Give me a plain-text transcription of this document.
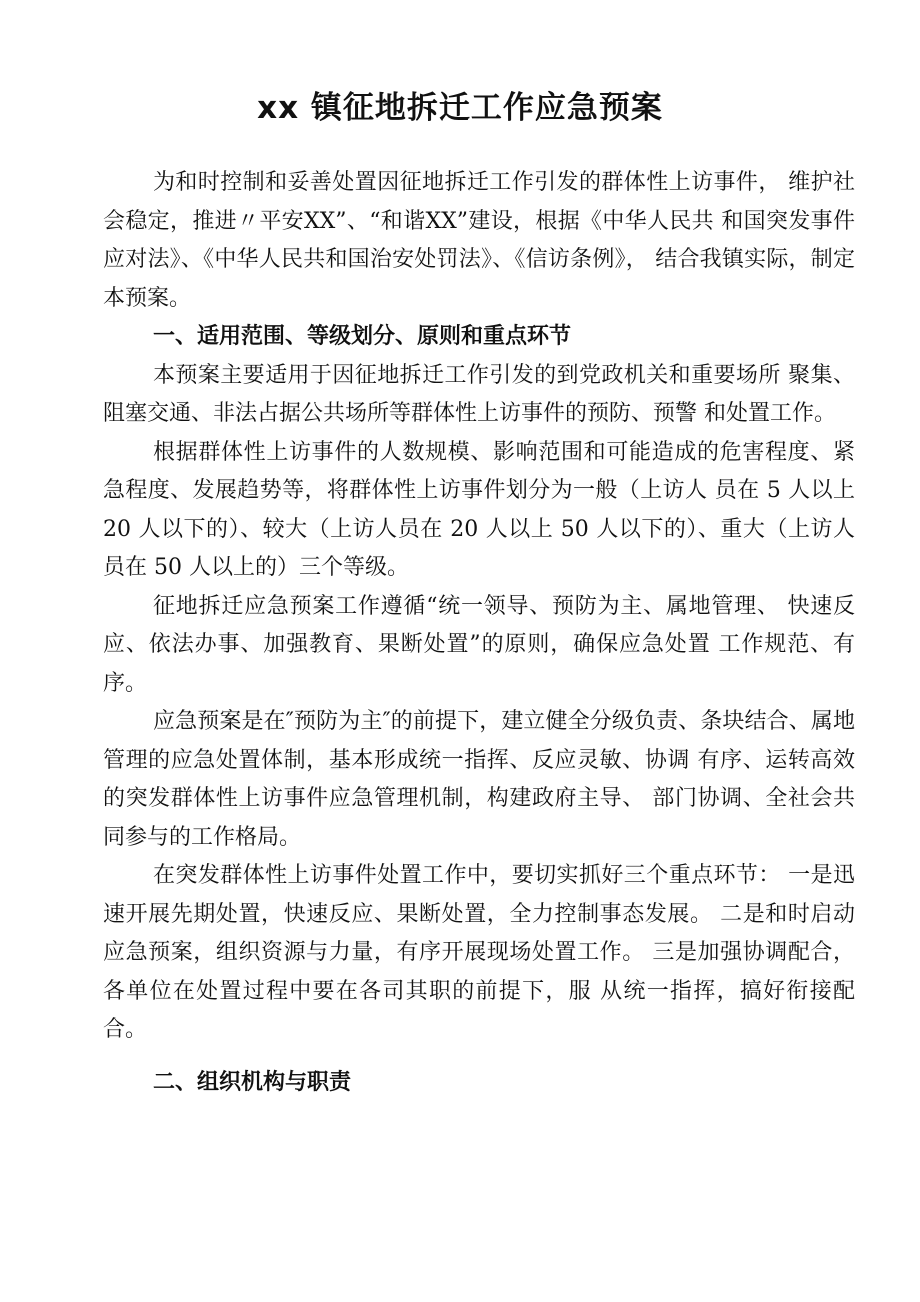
xx 镇征地拆迁工作应急预案

为和时控制和妥善处置因征地拆迁工作引发的群体性上访事件， 维护社会稳定，推进〃平安XX”、“和谐XX”建设，根据《中华人民共 和国突发事件应对法》、《中华人民共和国治安处罚法》、《信访条例》， 结合我镇实际，制定本预案。

一、适用范围、等级划分、原则和重点环节

本预案主要适用于因征地拆迁工作引发的到党政机关和重要场所 聚集、阻塞交通、非法占据公共场所等群体性上访事件的预防、预警 和处置工作。

根据群体性上访事件的人数规模、影响范围和可能造成的危害程度、紧急程度、发展趋势等，将群体性上访事件划分为一般（上访人 员在 5 人以上 20 人以下的）、较大（上访人员在 20 人以上 50 人以下的）、重大（上访人员在 50 人以上的）三个等级。

征地拆迁应急预案工作遵循“统一领导、预防为主、属地管理、 快速反应、依法办事、加强教育、果断处置”的原则，确保应急处置 工作规范、有序。

应急预案是在″预防为主″的前提下，建立健全分级负责、条块结合、属地管理的应急处置体制，基本形成统一指挥、反应灵敏、协调 有序、运转高效的突发群体性上访事件应急管理机制，构建政府主导、 部门协调、全社会共同参与的工作格局。

在突发群体性上访事件处置工作中，要切实抓好三个重点环节： 一是迅速开展先期处置，快速反应、果断处置，全力控制事态发展。 二是和时启动应急预案，组织资源与力量，有序开展现场处置工作。 三是加强协调配合，各单位在处置过程中要在各司其职的前提下，服 从统一指挥，搞好衔接配合。

二、组织机构与职责
